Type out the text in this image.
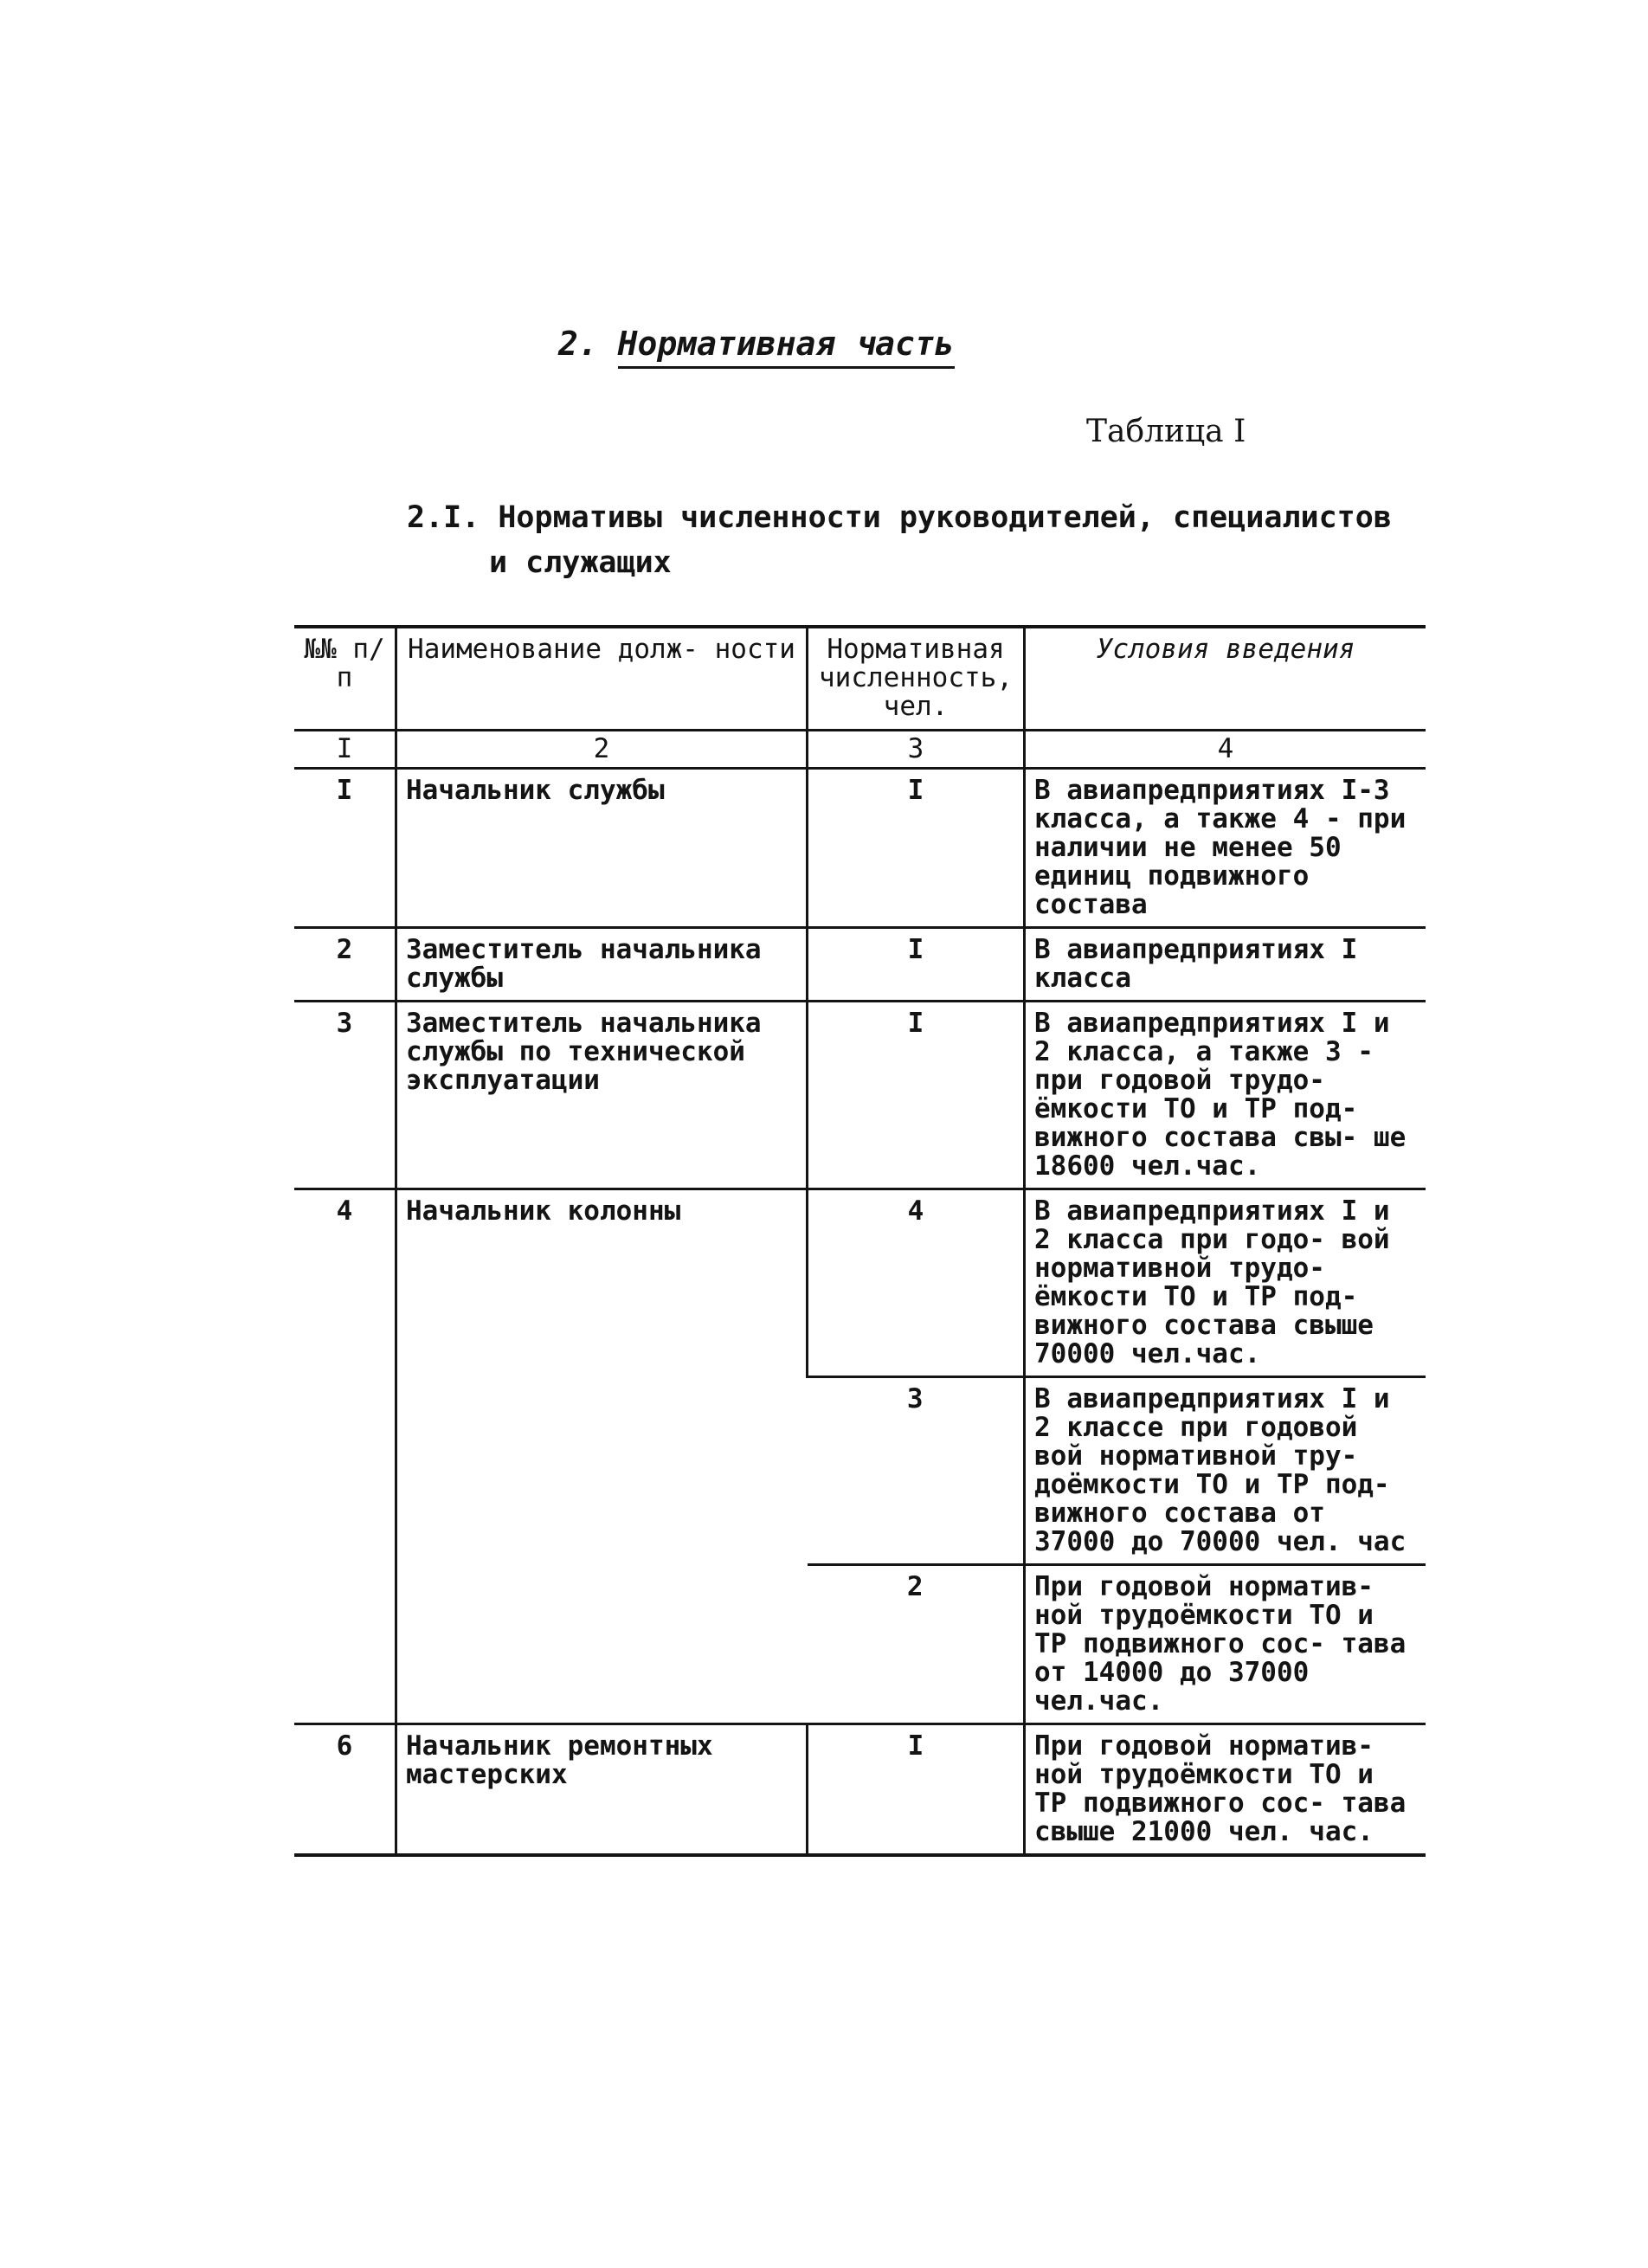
2. Нормативная часть
Таблица I
2.I. Нормативы численности руководителей, специалистов
и служащих
№№ п/п	Наименование долж- ности	Нормативная численность, чел.	Условия введения
I	2	3	4
I	Начальник службы	I	В авиапредприятиях I-3 класса, а также 4 - при наличии не менее 50 единиц подвижного состава
2	Заместитель начальника службы	I	В авиапредприятиях I класса
3	Заместитель начальника службы по технической эксплуатации	I	В авиапредприятиях I и 2 класса, а также 3 - при годовой трудо- ёмкости ТО и ТР под- вижного состава свы- ше 18600 чел.час.
4	Начальник колонны	4	В авиапредприятиях I и 2 класса при годо- вой нормативной трудо- ёмкости ТО и ТР под- вижного состава свыше 70000 чел.час.
		3	В авиапредприятиях I и 2 классе при годовой вой нормативной тру- доёмкости ТО и ТР под- вижного состава от 37000 до 70000 чел. час
		2	При годовой норматив- ной трудоёмкости ТО и ТР подвижного сос- тава от 14000 до 37000 чел.час.
6	Начальник ремонтных мастерских	I	При годовой норматив- ной трудоёмкости ТО и ТР подвижного сос- тава свыше 21000 чел. час.
